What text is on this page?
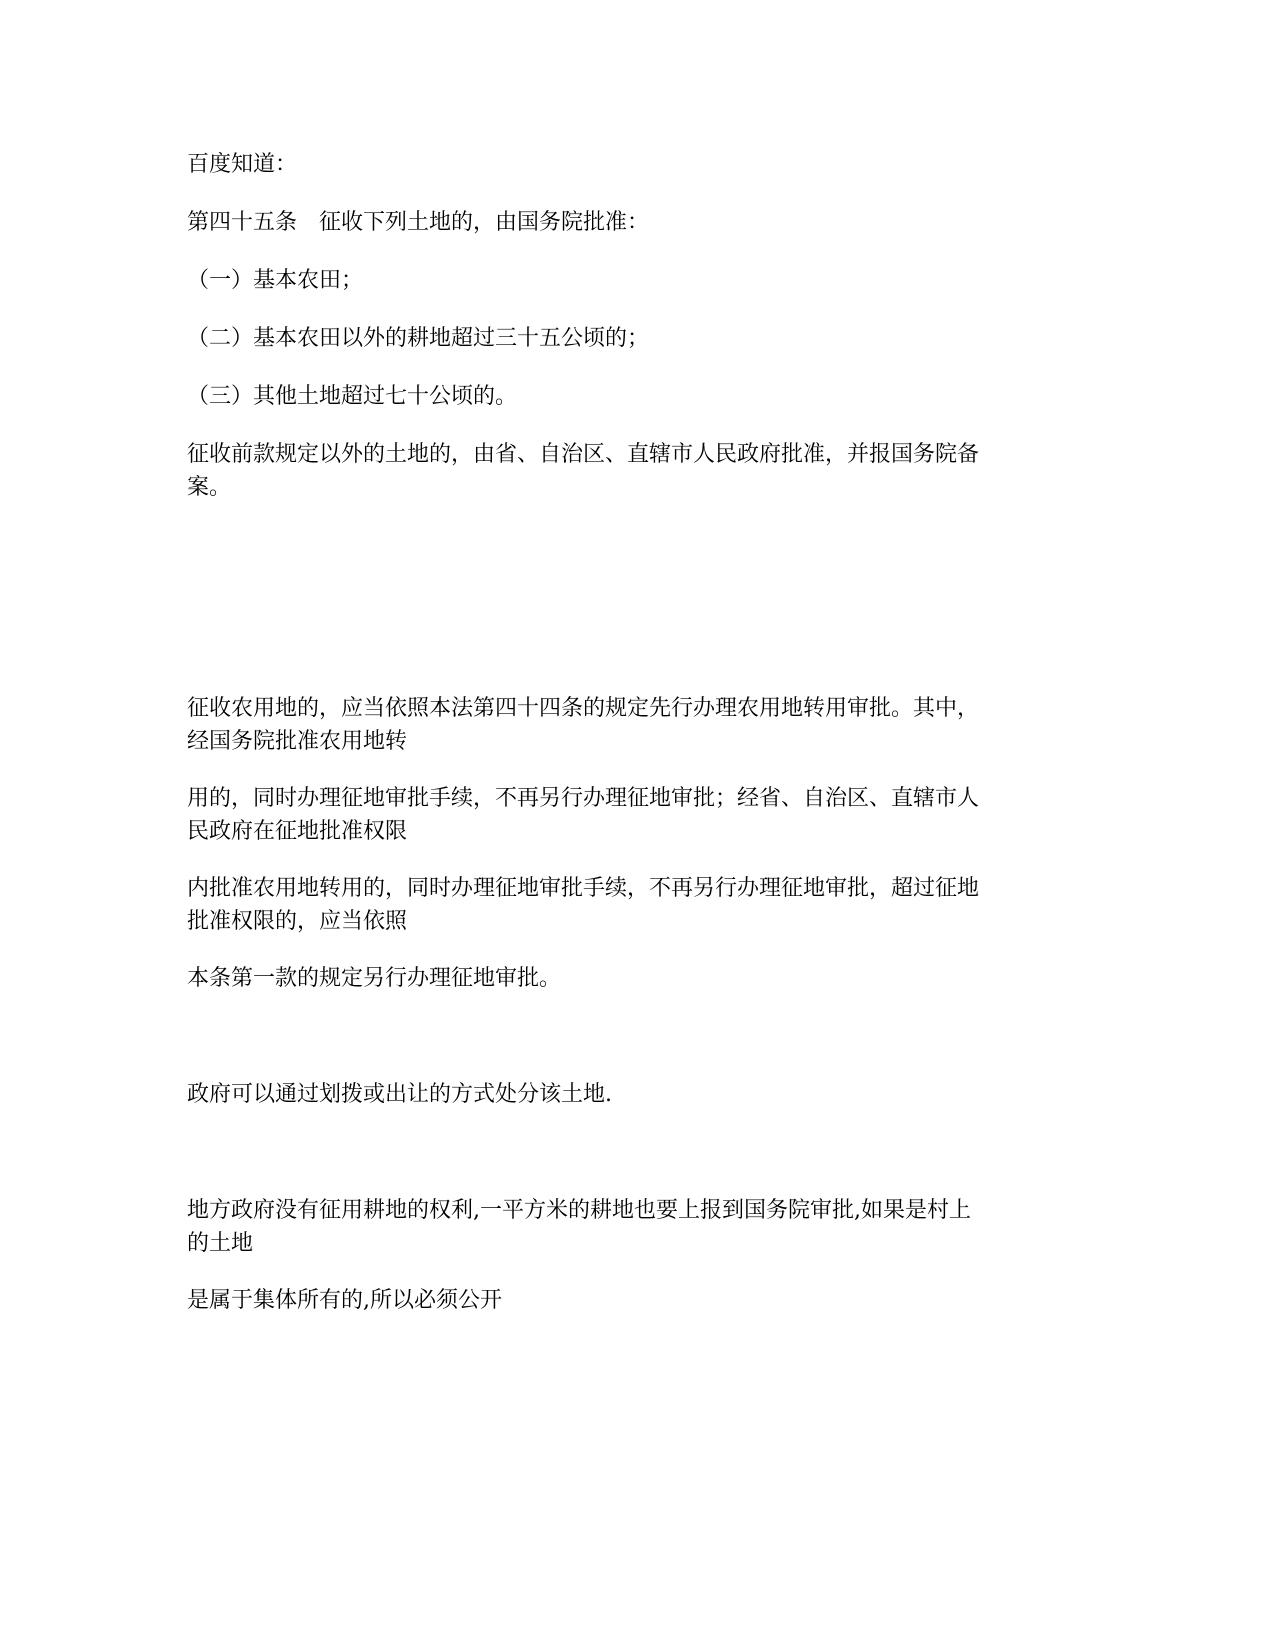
百度知道：

第四十五条　征收下列土地的，由国务院批准：

（一）基本农田；

（二）基本农田以外的耕地超过三十五公顷的；

（三）其他土地超过七十公顷的。

征收前款规定以外的土地的，由省、自治区、直辖市人民政府批准，并报国务院备
案。

征收农用地的，应当依照本法第四十四条的规定先行办理农用地转用审批。其中，
经国务院批准农用地转

用的，同时办理征地审批手续，不再另行办理征地审批；经省、自治区、直辖市人
民政府在征地批准权限

内批准农用地转用的，同时办理征地审批手续，不再另行办理征地审批，超过征地
批准权限的，应当依照

本条第一款的规定另行办理征地审批。

政府可以通过划拨或出让的方式处分该土地.

地方政府没有征用耕地的权利,一平方米的耕地也要上报到国务院审批,如果是村上
的土地

是属于集体所有的,所以必须公开
